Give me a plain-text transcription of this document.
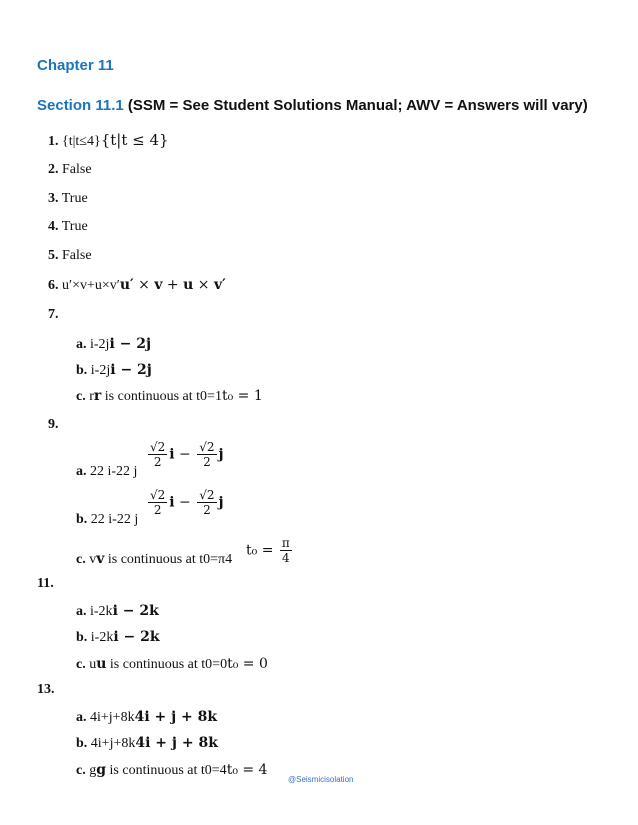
Chapter 11
Section 11.1 (SSM = See Student Solutions Manual; AWV = Answers will vary)
1. {t|t≤4}{t|t ≤ 4}
2. False
3. True
4. True
5. False
6. u′×v+u×v′u′ × v + u × v′
7.
a. i-2ji − 2j
b. i-2ji − 2j
c. rr is continuous at t0=1t₀ = 1
9.
a. 22 i-22 j
$\frac{√2}{2}$ $i - \frac{√2}{2}$ j
b. 22 i-22 j
$\frac{√2}{2}$ $i - \frac{√2}{2}$ j
c. vv is continuous at t0=π4
$t_0 = \frac{\pi}{4}$
11.
a. i-2ki − 2k
b. i-2ki − 2k
c. uu is continuous at t0=0t₀ = 0
13.
a. 4i+j+8k4i + j + 8k
b. 4i+j+8k4i + j + 8k
c. gg is continuous at t0=4t₀ = 4
@Seismicisolation
